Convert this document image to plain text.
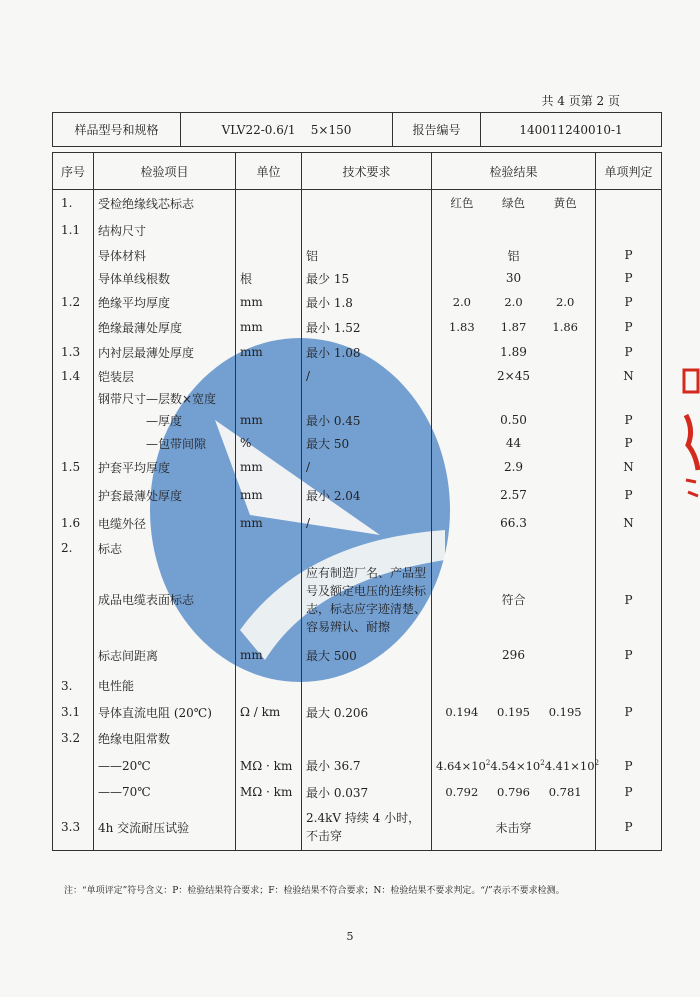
共 4 页第 2 页
样品型号和规格	VLV22-0.6/1    5×150	报告编号	140011240010-1
序号	检验项目	单位	技术要求	检验结果	单项判定
1.	受检绝缘线芯标志			红色 绿色 黄色	

1.1	结构尺寸				
	导体材料		铝	铝	P
	导体单线根数	根	最少 15	30	P
1.2	绝缘平均厚度	mm	最小 1.8	2.0 2.0 2.0	P
	绝缘最薄处厚度	mm	最小 1.52	1.83 1.87 1.86	P
1.3	内衬层最薄处厚度	mm	最小 1.08	1.89	P
1.4	铠装层		/	2×45	N
	钢带尺寸—层数×宽度				
	—厚度	mm	最小 0.45	0.50	P
	—包带间隙	%	最大 50	44	P
1.5	护套平均厚度	mm	/	2.9	N
	护套最薄处厚度	mm	最小 2.04	2.57	P
1.6	电缆外径	mm	/	66.3	N
2.	标志				
	成品电缆表面标志		应有制造厂名、产品型号及额定电压的连续标志，标志应字迹清楚、容易辨认、耐擦	符合	P
	标志间距离	mm	最大 500	296	P
3.	电性能				
3.1	导体直流电阻 (20℃)	Ω / km	最大 0.206	0.194 0.195 0.195	P
3.2	绝缘电阻常数				
	——20℃	MΩ · km	最小 36.7	$4.64\times 10^2$ $4.54\times 10^2$ $4.41\times 10^2$	P
	——70℃	MΩ · km	最小 0.037	0.792 0.796 0.781	P
3.3	4h 交流耐压试验		2.4kV 持续 4 小时，不击穿	未击穿	P
注：“单项评定”符号含义：P：检验结果符合要求；F：检验结果不符合要求；N：检验结果不要求判定。“/”表示不要求检测。
5
